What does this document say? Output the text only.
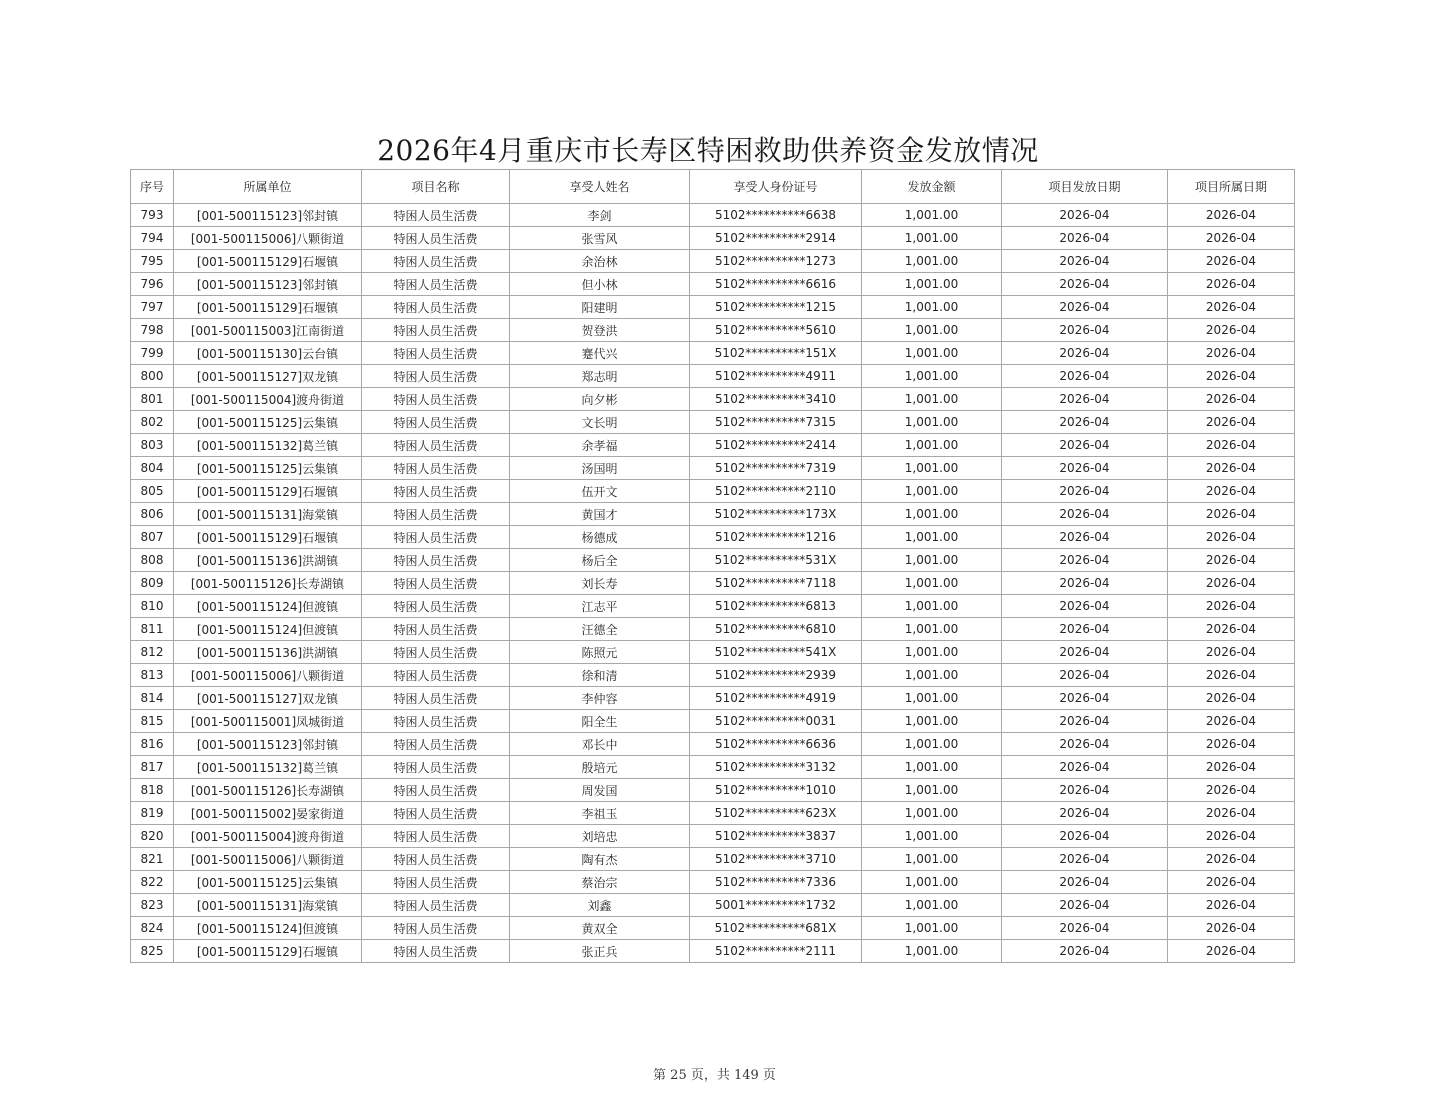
2026年4月重庆市长寿区特困救助供养资金发放情况
序号	所属单位	项目名称	享受人姓名	享受人身份证号	发放金额	项目发放日期	项目所属日期
793	[001-500115123]邻封镇	特困人员生活费	李剑	5102**********6638	1,001.00	2026-04	2026-04
794	[001-500115006]八颗街道	特困人员生活费	张雪风	5102**********2914	1,001.00	2026-04	2026-04
795	[001-500115129]石堰镇	特困人员生活费	余治林	5102**********1273	1,001.00	2026-04	2026-04
796	[001-500115123]邻封镇	特困人员生活费	但小林	5102**********6616	1,001.00	2026-04	2026-04
797	[001-500115129]石堰镇	特困人员生活费	阳建明	5102**********1215	1,001.00	2026-04	2026-04
798	[001-500115003]江南街道	特困人员生活费	贺登洪	5102**********5610	1,001.00	2026-04	2026-04
799	[001-500115130]云台镇	特困人员生活费	蹇代兴	5102**********151X	1,001.00	2026-04	2026-04
800	[001-500115127]双龙镇	特困人员生活费	郑志明	5102**********4911	1,001.00	2026-04	2026-04
801	[001-500115004]渡舟街道	特困人员生活费	向夕彬	5102**********3410	1,001.00	2026-04	2026-04
802	[001-500115125]云集镇	特困人员生活费	文长明	5102**********7315	1,001.00	2026-04	2026-04
803	[001-500115132]葛兰镇	特困人员生活费	余孝福	5102**********2414	1,001.00	2026-04	2026-04
804	[001-500115125]云集镇	特困人员生活费	汤国明	5102**********7319	1,001.00	2026-04	2026-04
805	[001-500115129]石堰镇	特困人员生活费	伍开文	5102**********2110	1,001.00	2026-04	2026-04
806	[001-500115131]海棠镇	特困人员生活费	黄国才	5102**********173X	1,001.00	2026-04	2026-04
807	[001-500115129]石堰镇	特困人员生活费	杨德成	5102**********1216	1,001.00	2026-04	2026-04
808	[001-500115136]洪湖镇	特困人员生活费	杨后全	5102**********531X	1,001.00	2026-04	2026-04
809	[001-500115126]长寿湖镇	特困人员生活费	刘长寿	5102**********7118	1,001.00	2026-04	2026-04
810	[001-500115124]但渡镇	特困人员生活费	江志平	5102**********6813	1,001.00	2026-04	2026-04
811	[001-500115124]但渡镇	特困人员生活费	汪德全	5102**********6810	1,001.00	2026-04	2026-04
812	[001-500115136]洪湖镇	特困人员生活费	陈照元	5102**********541X	1,001.00	2026-04	2026-04
813	[001-500115006]八颗街道	特困人员生活费	徐和清	5102**********2939	1,001.00	2026-04	2026-04
814	[001-500115127]双龙镇	特困人员生活费	李仲容	5102**********4919	1,001.00	2026-04	2026-04
815	[001-500115001]凤城街道	特困人员生活费	阳全生	5102**********0031	1,001.00	2026-04	2026-04
816	[001-500115123]邻封镇	特困人员生活费	邓长中	5102**********6636	1,001.00	2026-04	2026-04
817	[001-500115132]葛兰镇	特困人员生活费	殷培元	5102**********3132	1,001.00	2026-04	2026-04
818	[001-500115126]长寿湖镇	特困人员生活费	周发国	5102**********1010	1,001.00	2026-04	2026-04
819	[001-500115002]晏家街道	特困人员生活费	李祖玉	5102**********623X	1,001.00	2026-04	2026-04
820	[001-500115004]渡舟街道	特困人员生活费	刘培忠	5102**********3837	1,001.00	2026-04	2026-04
821	[001-500115006]八颗街道	特困人员生活费	陶有杰	5102**********3710	1,001.00	2026-04	2026-04
822	[001-500115125]云集镇	特困人员生活费	蔡治宗	5102**********7336	1,001.00	2026-04	2026-04
823	[001-500115131]海棠镇	特困人员生活费	刘鑫	5001**********1732	1,001.00	2026-04	2026-04
824	[001-500115124]但渡镇	特困人员生活费	黄双全	5102**********681X	1,001.00	2026-04	2026-04
825	[001-500115129]石堰镇	特困人员生活费	张正兵	5102**********2111	1,001.00	2026-04	2026-04
第 25 页，共 149 页
